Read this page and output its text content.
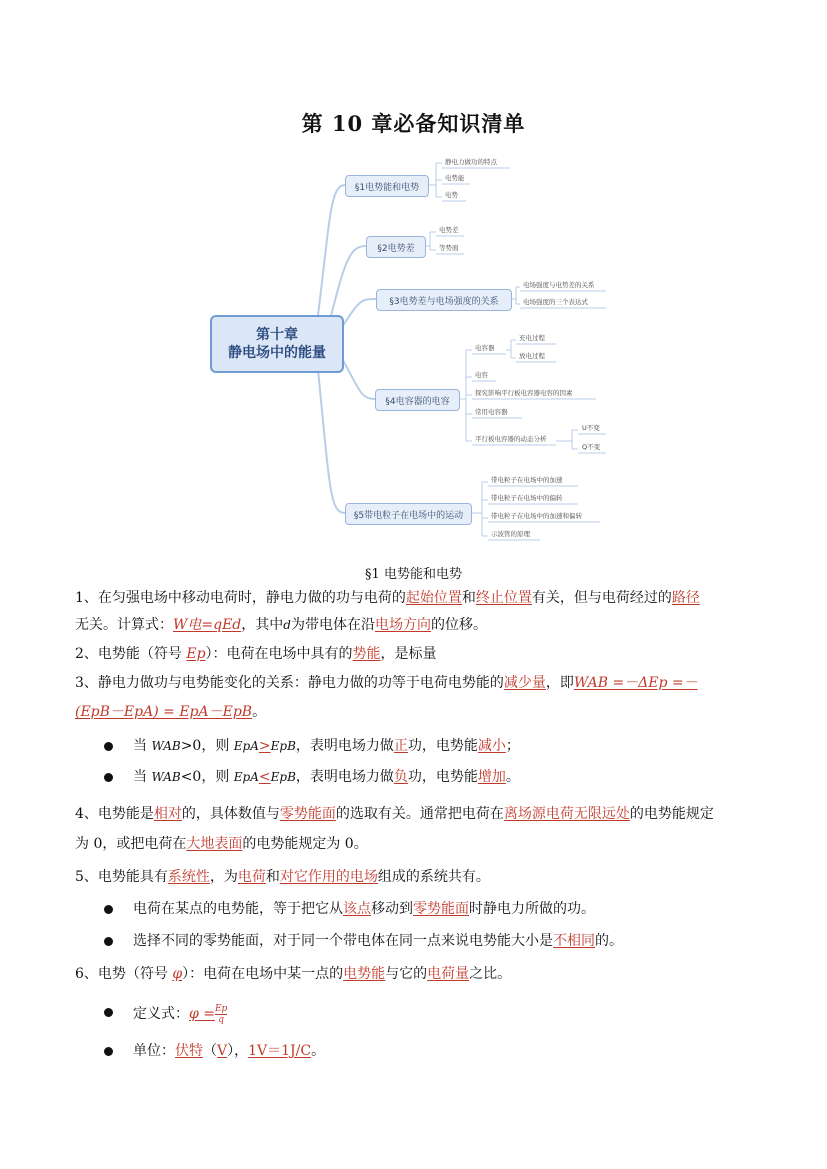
第 10 章必备知识清单
第十章
静电场中的能量
§1电势能和电势
静电力做功的特点
电势能
电势
§2电势差
电势差
等势面
§3电势差与电场强度的关系
电场强度与电势差的关系
电场强度的三个表达式
§4电容器的电容
电容器
充电过程
放电过程
电容
探究影响平行板电容器电容的因素
常用电容器
平行板电容器的动态分析
U不变
Q不变
§5带电粒子在电场中的运动
带电粒子在电场中的加速
带电粒子在电场中的偏转
带电粒子在电场中的加速和偏转
示波管的原理
§1 电势能和电势
1、在匀强电场中移动电荷时，静电力做的功与电荷的起始位置和终止位置有关，但与电荷经过的路径
无关。计算式：W电=qEd，其中d为带电体在沿电场方向的位移。
2、电势能（符号 Ep）：电荷在电场中具有的势能，是标量
3、静电力做功与电势能变化的关系：静电力做的功等于电荷电势能的减少量，即WAB =－ΔEp =－
(EpB－EpA) = EpA－EpB。
当 WAB>0，则 EpA>EpB，表明电场力做正功，电势能减小；
当 WAB<0，则 EpA<EpB，表明电场力做负功，电势能增加。
4、电势能是相对的，具体数值与零势能面的选取有关。通常把电荷在离场源电荷无限远处的电势能规定
为 0，或把电荷在大地表面的电势能规定为 0。
5、电势能具有系统性，为电荷和对它作用的电场组成的系统共有。
电荷在某点的电势能，等于把它从该点移动到零势能面时静电力所做的功。
选择不同的零势能面，对于同一个带电体在同一点来说电势能大小是不相同的。
6、电势（符号 φ）：电荷在电场中某一点的电势能与它的电荷量之比。
定义式： $\varphi = \frac{Ep}{q}$
单位：伏特（V），1V＝1J/C。
